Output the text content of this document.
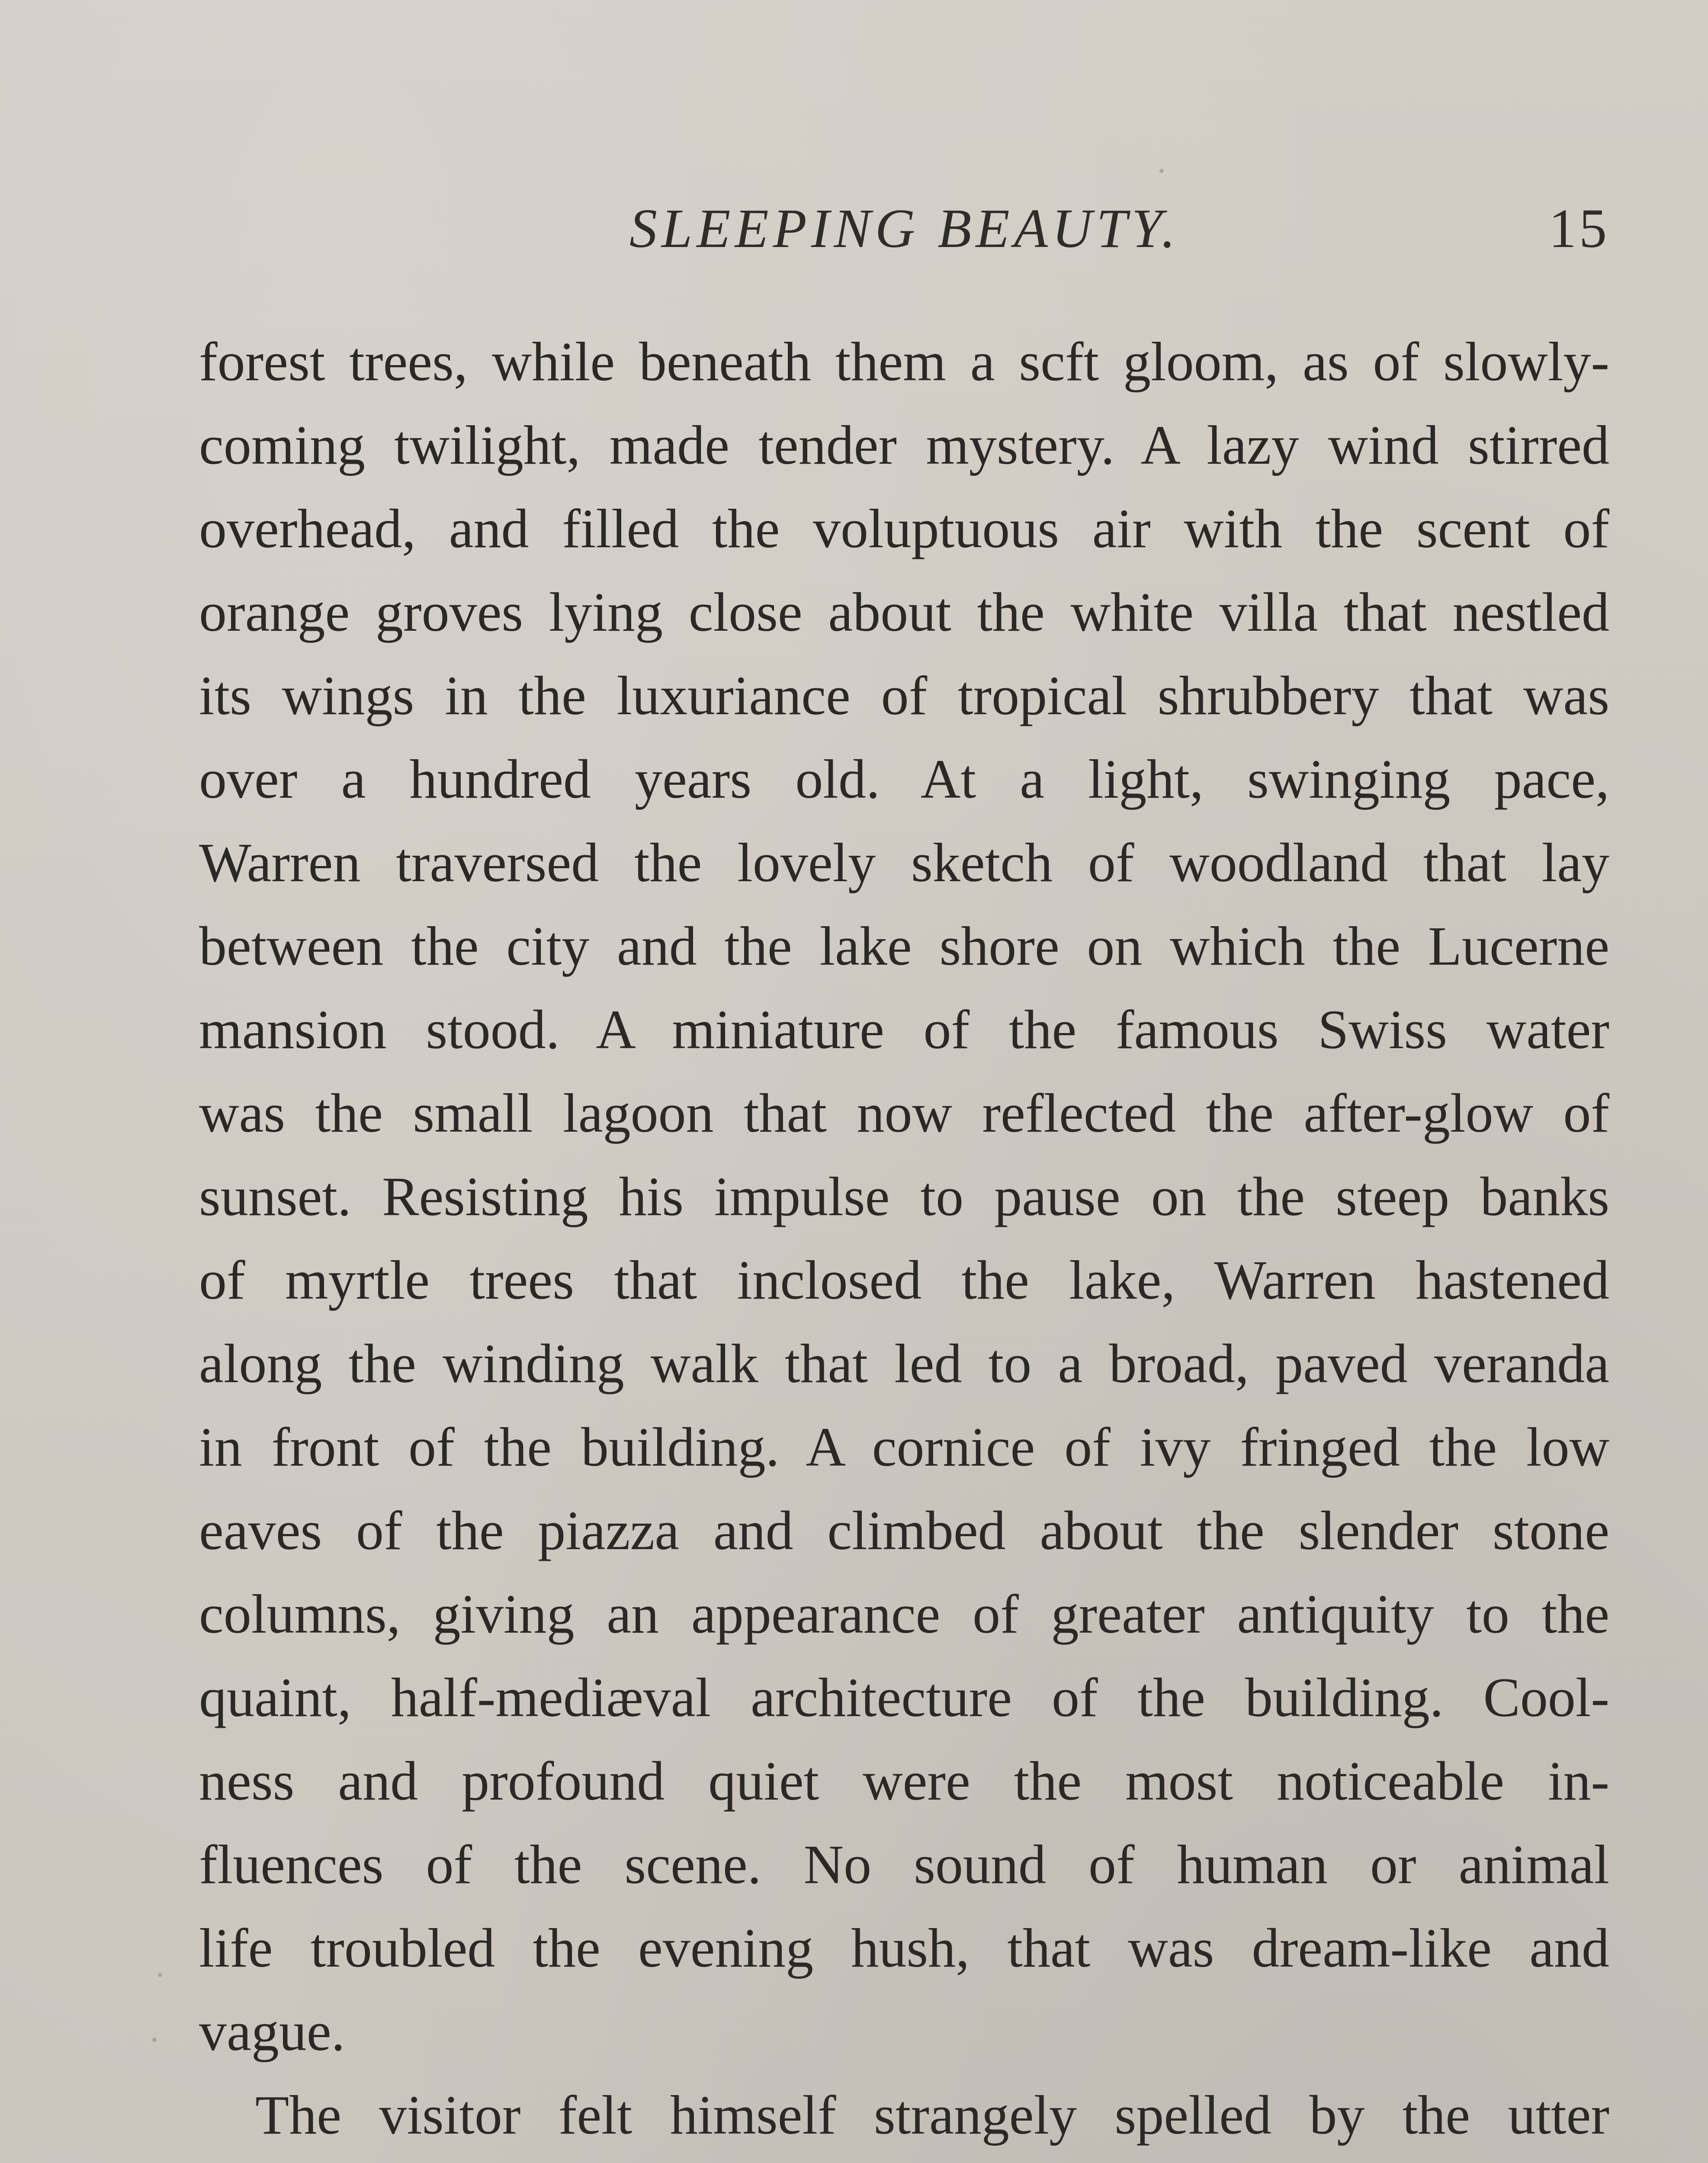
SLEEPING BEAUTY.	15
forest trees, while beneath them a scft gloom, as of slowly-
coming twilight, made tender mystery. A lazy wind stirred
overhead, and filled the voluptuous air with the scent of
orange groves lying close about the white villa that nestled
its wings in the luxuriance of tropical shrubbery that was
over a hundred years old. At a light, swinging pace,
Warren traversed the lovely sketch of woodland that lay
between the city and the lake shore on which the Lucerne
mansion stood. A miniature of the famous Swiss water
was the small lagoon that now reflected the after-glow of
sunset. Resisting his impulse to pause on the steep banks
of myrtle trees that inclosed the lake, Warren hastened
along the winding walk that led to a broad, paved veranda
in front of the building. A cornice of ivy fringed the low
eaves of the piazza and climbed about the slender stone
columns, giving an appearance of greater antiquity to the
quaint, half-mediæval architecture of the building. Cool-
ness and profound quiet were the most noticeable in-
fluences of the scene. No sound of human or animal
life troubled the evening hush, that was dream-like and
vague.
The visitor felt himself strangely spelled by the utter
